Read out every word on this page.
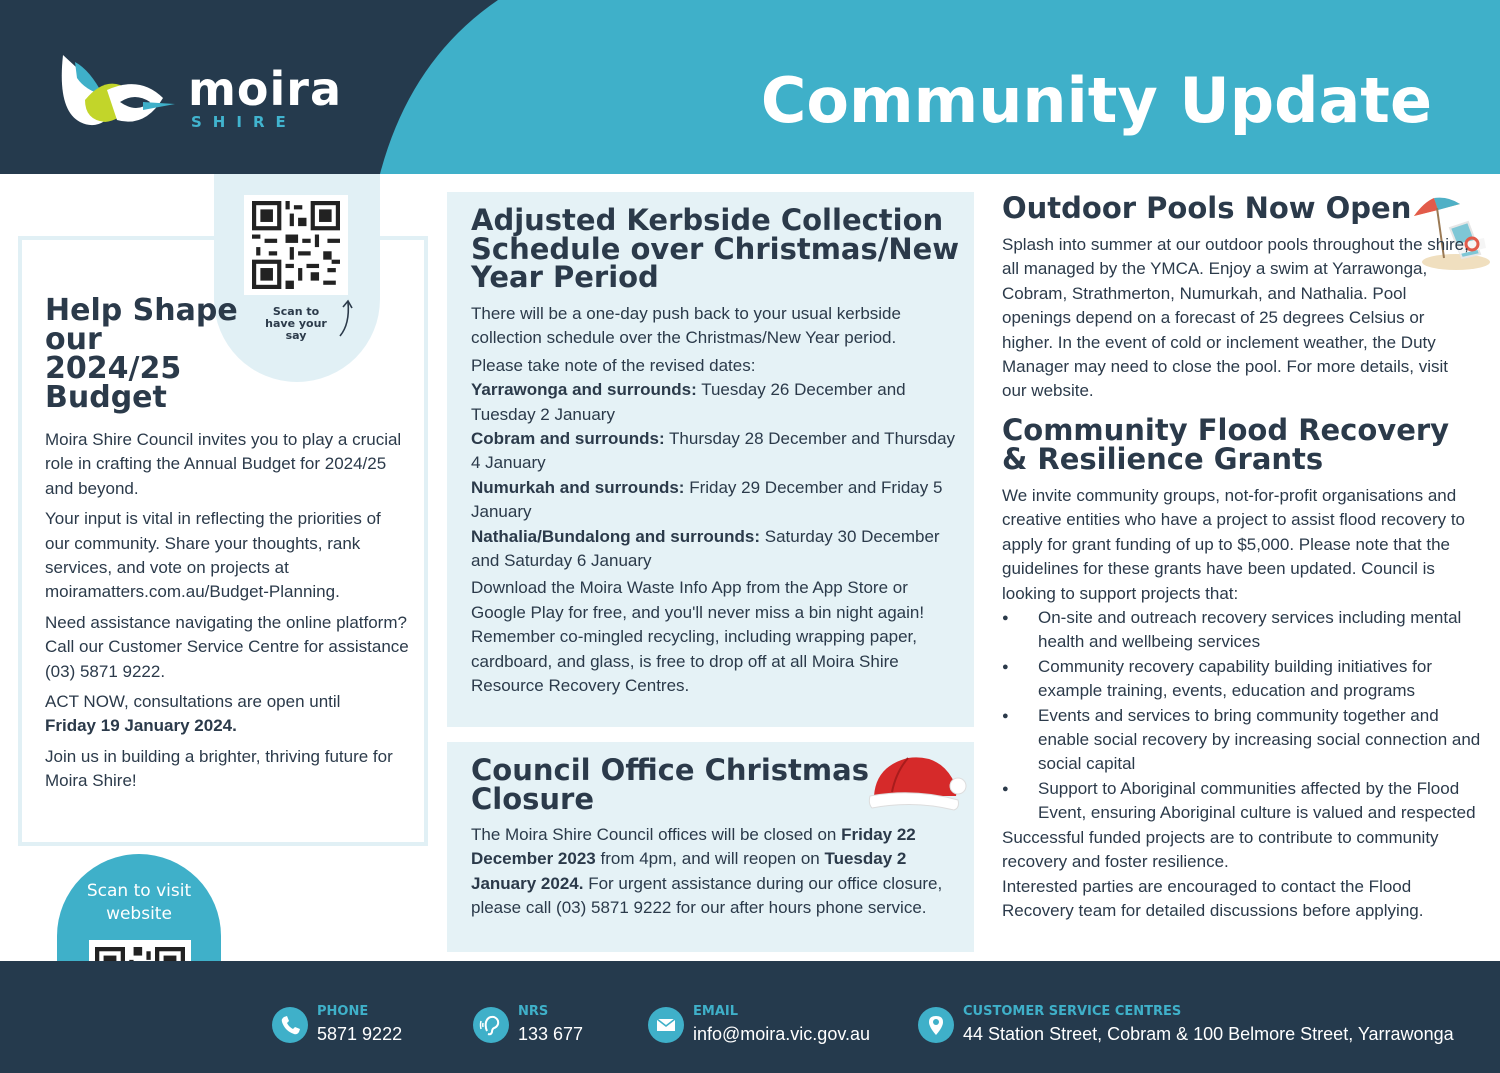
moira
SHIRE	Community Update
Scan to have your say
Help Shape our 2024/25 Budget

Moira Shire Council invites you to play a crucial role in crafting the Annual Budget for 2024/25 and beyond.

Your input is vital in reflecting the priorities of our community. Share your thoughts, rank services, and vote on projects at moiramatters.com.au/Budget-Planning.

Need assistance navigating the online platform? Call our Customer Service Centre for assistance (03) 5871 9222.

ACT NOW, consultations are open until
Friday 19 January 2024.

Join us in building a brighter, thriving future for Moira Shire!

Scan to visit website
Adjusted Kerbside Collection Schedule over Christmas/New Year Period

There will be a one-day push back to your usual kerbside collection schedule over the Christmas/New Year period.

Please take note of the revised dates:

Yarrawonga and surrounds: Tuesday 26 December and Tuesday 2 January

Cobram and surrounds: Thursday 28 December and Thursday 4 January

Numurkah and surrounds: Friday 29 December and Friday 5 January

Nathalia/Bundalong and surrounds: Saturday 30 December and Saturday 6 January

Download the Moira Waste Info App from the App Store or Google Play for free, and you'll never miss a bin night again!

Remember co-mingled recycling, including wrapping paper, cardboard, and glass, is free to drop off at all Moira Shire Resource Recovery Centres.

Council Office Christmas Closure
The Moira Shire Council offices will be closed on Friday 22 December 2023 from 4pm, and will reopen on Tuesday 2 January 2024. For urgent assistance during our office closure, please call (03) 5871 9222 for our after hours phone service.
Outdoor Pools Now Open
Splash into summer at our outdoor pools throughout the shire, all managed by the YMCA. Enjoy a swim at Yarrawonga, Cobram, Strathmerton, Numurkah, and Nathalia. Pool openings depend on a forecast of 25 degrees Celsius or higher. In the event of cold or inclement weather, the Duty Manager may need to close the pool. For more details, visit our website.
Community Flood Recovery & Resilience Grants

We invite community groups, not-for-profit organisations and creative entities who have a project to assist flood recovery to apply for grant funding of up to $5,000. Please note that the guidelines for these grants have been updated. Council is looking to support projects that:

● On-site and outreach recovery services including mental health and wellbeing services
● Community recovery capability building initiatives for example training, events, education and programs
● Events and services to bring community together and enable social recovery by increasing social connection and social capital
● Support to Aboriginal communities affected by the Flood Event, ensuring Aboriginal culture is valued and respected

Successful funded projects are to contribute to community recovery and foster resilience.

Interested parties are encouraged to contact the Flood Recovery team for detailed discussions before applying.

PHONE
5871 9222
NRS
133 677
EMAIL
info@moira.vic.gov.au
CUSTOMER SERVICE CENTRES
44 Station Street, Cobram & 100 Belmore Street, Yarrawonga
